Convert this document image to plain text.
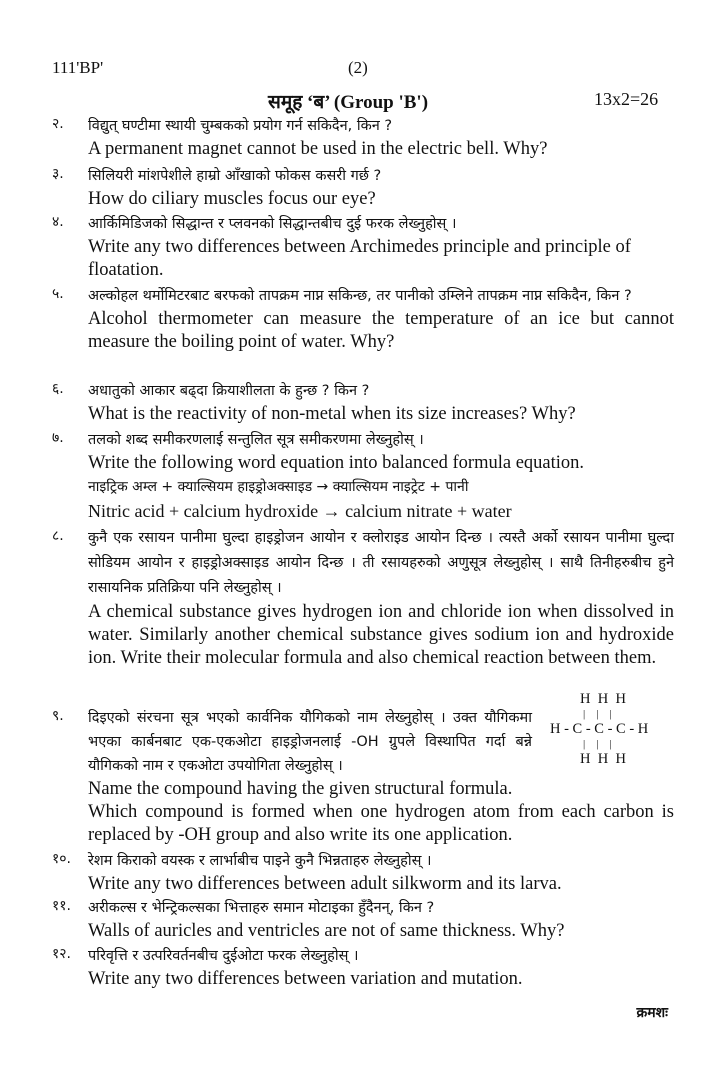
111'BP'	(2)
समूह ‘ब’ (Group 'B')	13x2=26
२.	विद्युत् घण्टीमा स्थायी चुम्बकको प्रयोग गर्न सकिदैन, किन ?
A permanent magnet cannot be used in the electric bell. Why?
३.	सिलियरी मांशपेशीले हाम्रो आँखाको फोकस कसरी गर्छ ?
How do ciliary muscles focus our eye?
४.	आर्किमिडिजको सिद्धान्त र प्लवनको सिद्धान्तबीच दुई फरक लेख्नुहोस् ।
Write any two differences between Archimedes principle and principle of floatation.
५.	अल्कोहल थर्मोमिटरबाट बरफको तापक्रम नाप्न सकिन्छ, तर पानीको उम्लिने तापक्रम नाप्न सकिदैन, किन ?
Alcohol thermometer can measure the temperature of an ice but cannot measure the boiling point of water. Why?
६.	अधातुको आकार बढ्दा क्रियाशीलता के हुन्छ ? किन ?
What is the reactivity of non-metal when its size increases? Why?
७.	तलको शब्द समीकरणलाई सन्तुलित सूत्र समीकरणमा लेख्नुहोस् ।
Write the following word equation into balanced formula equation.
नाइट्रिक अम्ल + क्याल्सियम हाइड्रोअक्साइड → क्याल्सियम नाइट्रेट + पानी
Nitric acid + calcium hydroxide → calcium nitrate + water
८.	कुनै एक रसायन पानीमा घुल्दा हाइड्रोजन आयोन र क्लोराइड आयोन दिन्छ । त्यस्तै अर्को रसायन पानीमा घुल्दा सोडियम आयोन र हाइड्रोअक्साइड आयोन दिन्छ । ती रसायहरुको अणुसूत्र लेख्नुहोस् । साथै तिनीहरुबीच हुने रासायनिक प्रतिक्रिया पनि लेख्नुहोस् ।
A chemical substance gives hydrogen ion and chloride ion when dissolved in water. Similarly another chemical substance gives sodium ion and hydroxide ion. Write their molecular formula and also chemical reaction between them.
९.	दिइएको संरचना सूत्र भएको कार्वनिक यौगिकको नाम लेख्नुहोस् । उक्त यौगिकमा भएका कार्बनबाट एक-एकओटा हाइड्रोजनलाई -OH ग्रुपले विस्थापित गर्दा बन्ने यौगिकको नाम र एकओटा उपयोगिता लेख्नुहोस् ।
Name the compound having the given structural formula.
Which compound is formed when one hydrogen atom from each carbon is replaced by -OH group and also write its one application.
H  H  H
|    |    |
H - C - C - C - H
|    |    |
H  H  H
१०.	रेशम किराको वयस्क र लार्भाबीच पाइने कुनै भिन्नताहरु लेख्नुहोस् ।
Write any two differences between adult silkworm and its larva.
११.	अरीकल्स र भेन्ट्रिकल्सका भित्ताहरु समान मोटाइका हुँदैनन्, किन ?
Walls of auricles and ventricles are not of same thickness. Why?
१२.	परिवृत्ति र उत्परिवर्तनबीच दुईओटा फरक लेख्नुहोस् ।
Write any two differences between variation and mutation.
क्रमशः
